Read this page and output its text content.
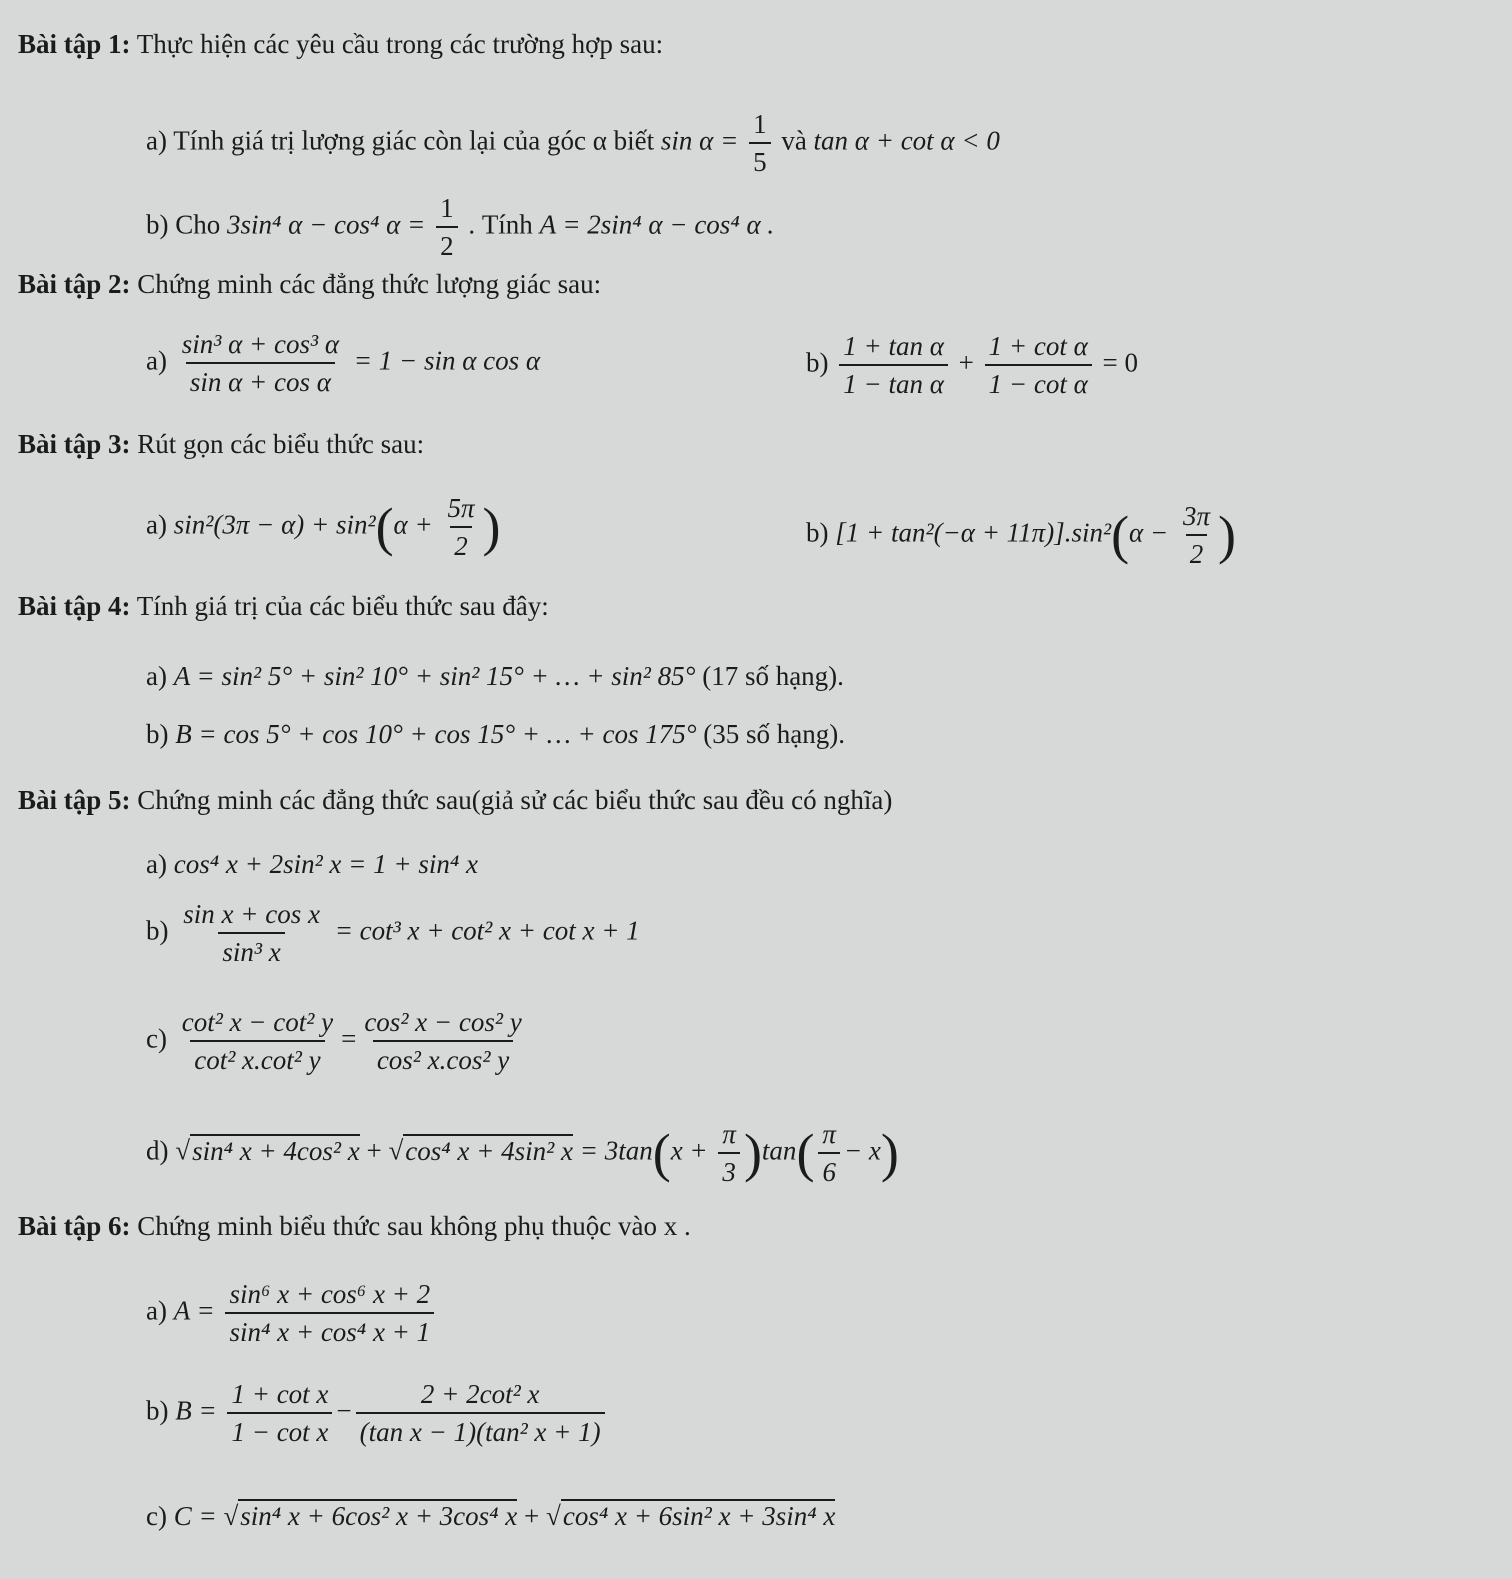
Bài tập 1: Thực hiện các yêu cầu trong các trường hợp sau:
a) Tính giá trị lượng giác còn lại của góc α biết $\sin \alpha = \frac{1}{5}$ và tan α + cot α < 0
b) Cho 3sin⁴ α − cos⁴ $\alpha = \frac{1}{2}$ . Tính A = 2sin⁴ α − cos⁴ α .
Bài tập 2: Chứng minh các đẳng thức lượng giác sau:
$a) \frac{\text{sin³ α + cos³ α}}{\text{sin α + cos α}} = 1 - \sin \alpha$ cos α	$b) \frac{\text{1 + tan α}}{\text{1 − tan α}} + \frac{\text{1 + cot α}}{\text{1 − cot α}} = 0$
Bài tập 3: Rút gọn các biểu thức sau:
a) $\sin^2(3\pi - \alpha) + \sin^2(\alpha + \frac{5\pi}{2}$ )	b) $[1 + \tan^2(-\alpha + 11\pi)].\sin^2(\alpha - \frac{3\pi}{2}$ )
Bài tập 4: Tính giá trị của các biểu thức sau đây:
a) A = sin² 5° + sin² 10° + sin² 15° + … + sin² 85° (17 số hạng).
b) B = cos 5° + cos 10° + cos 15° + … + cos 175° (35 số hạng).
Bài tập 5: Chứng minh các đẳng thức sau(giả sử các biểu thức sau đều có nghĩa)
a) cos⁴ x + 2sin² x = 1 + sin⁴ x
$b) \frac{\text{sin x + cos x}}{\text{sin³ x}} = \cot^3$ x + cot² x + cot x + 1
$c) \frac{\text{cot² x − cot² y}}{\text{cot² x.cot² y}} = \frac{\text{cos² x − cos² y}}{\text{cos² x.cos² y}}$
d) √sin⁴ x + 4cos² x + √cos⁴ x + 4sin² $x = 3\tan(x + \frac{\pi}{3} )\tan( \frac{\pi}{6} - x)$
Bài tập 6: Chứng minh biểu thức sau không phụ thuộc vào x .
a) $A = \frac{\text{sin⁶ x + cos⁶ x + 2}}{\text{sin⁴ x + cos⁴ x + 1}}$
b) $B = \frac{\text{1 + cot x}}{\text{1 − cot x}} - \frac{\text{2 + 2cot² x}}{\text{(tan x − 1)(tan² x + 1)}}$
c) C = √sin⁴ x + 6cos² x + 3cos⁴ x + √cos⁴ x + 6sin² x + 3sin⁴ x
